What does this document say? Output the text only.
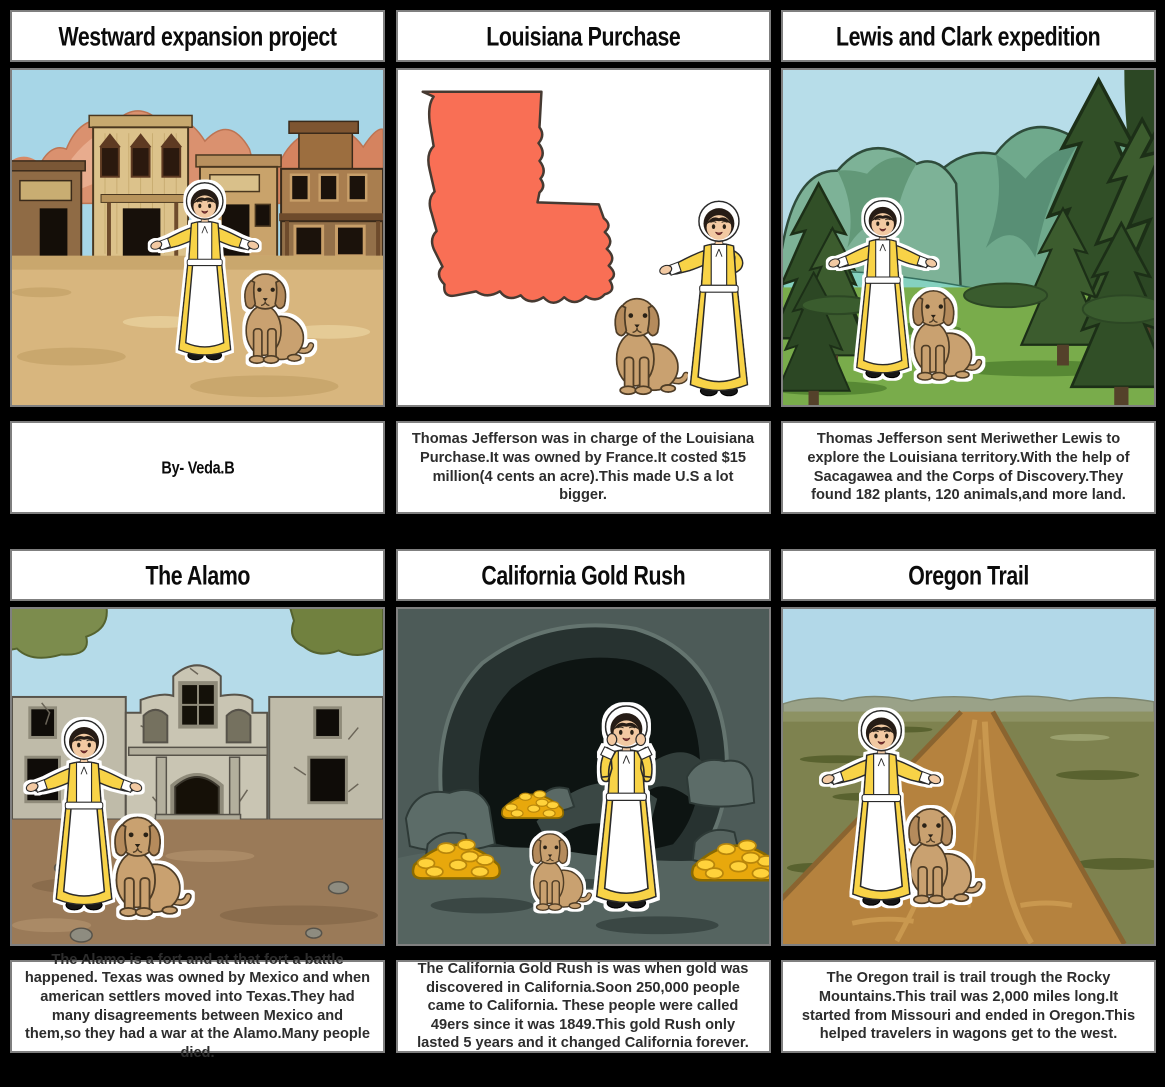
Westward expansion project
By- Veda.B
Louisiana Purchase
Thomas Jefferson was in charge of the Louisiana Purchase.It was owned by France.It costed $15 million(4 cents an acre).This made U.S a lot bigger.
Lewis and Clark expedition
Thomas Jefferson sent Meriwether Lewis to explore the Louisiana territory.With the help of Sacagawea and the Corps of Discovery.They found 182 plants, 120 animals,and more land.
The Alamo
The Alamo is a fort and at that fort a battle happened. Texas was owned by Mexico and when american settlers moved into Texas.They had many disagreements between Mexico and them,so they had a war at the Alamo.Many people died.
California Gold Rush
The California Gold Rush is was when gold was discovered in California.Soon 250,000 people came to California. These people were called 49ers since it was 1849.This gold Rush only lasted 5 years and it changed California forever.
Oregon Trail
The Oregon trail is trail trough the Rocky Mountains.This trail was 2,000 miles long.It started from Missouri and ended in Oregon.This helped travelers in wagons get to the west.
